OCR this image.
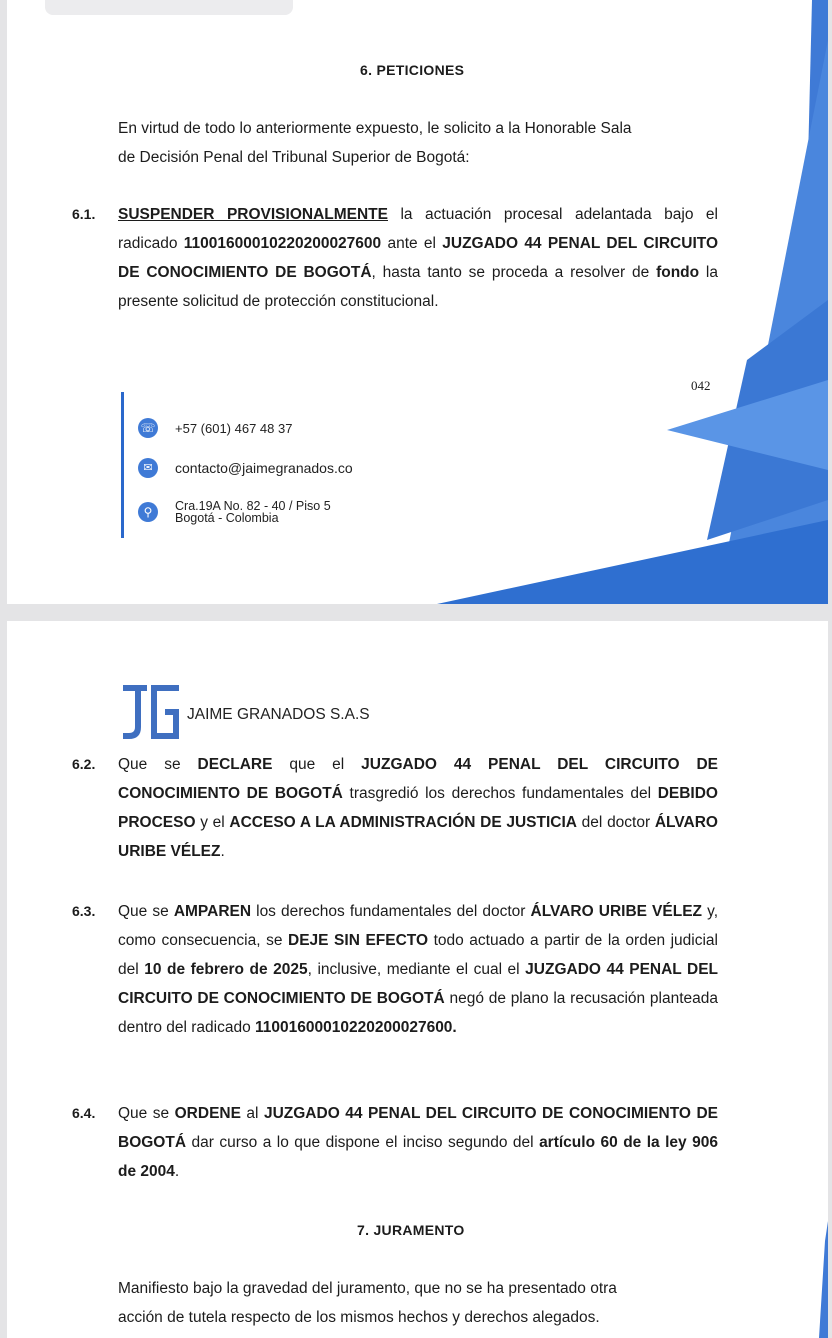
6. PETICIONES
En virtud de todo lo anteriormente expuesto, le solicito a la Honorable Sala
de Decisión Penal del Tribunal Superior de Bogotá:
6.1. SUSPENDER PROVISIONALMENTE la actuación procesal adelantada bajo el radicado 11001600010220200027600 ante el JUZGADO 44 PENAL DEL CIRCUITO DE CONOCIMIENTO DE BOGOTÁ, hasta tanto se proceda a resolver de fondo la presente solicitud de protección constitucional.
042
☏ +57 (601) 467 48 37
✉	contacto@jaimegranados.co
⚲	Cra.19A No. 82 - 40 / Piso 5
Bogotá - Colombia
JAIME GRANADOS S.A.S
6.2. Que se DECLARE que el JUZGADO 44 PENAL DEL CIRCUITO DE CONOCIMIENTO DE BOGOTÁ trasgredió los derechos fundamentales del DEBIDO PROCESO y el ACCESO A LA ADMINISTRACIÓN DE JUSTICIA del doctor ÁLVARO URIBE VÉLEZ.
6.3. Que se AMPAREN los derechos fundamentales del doctor ÁLVARO URIBE VÉLEZ y, como consecuencia, se DEJE SIN EFECTO todo actuado a partir de la orden judicial del 10 de febrero de 2025, inclusive, mediante el cual el JUZGADO 44 PENAL DEL CIRCUITO DE CONOCIMIENTO DE BOGOTÁ negó de plano la recusación planteada dentro del radicado 11001600010220200027600.
6.4. Que se ORDENE al JUZGADO 44 PENAL DEL CIRCUITO DE CONOCIMIENTO DE BOGOTÁ dar curso a lo que dispone el inciso segundo del artículo 60 de la ley 906 de 2004.
7. JURAMENTO
Manifiesto bajo la gravedad del juramento, que no se ha presentado otra
acción de tutela respecto de los mismos hechos y derechos alegados.
